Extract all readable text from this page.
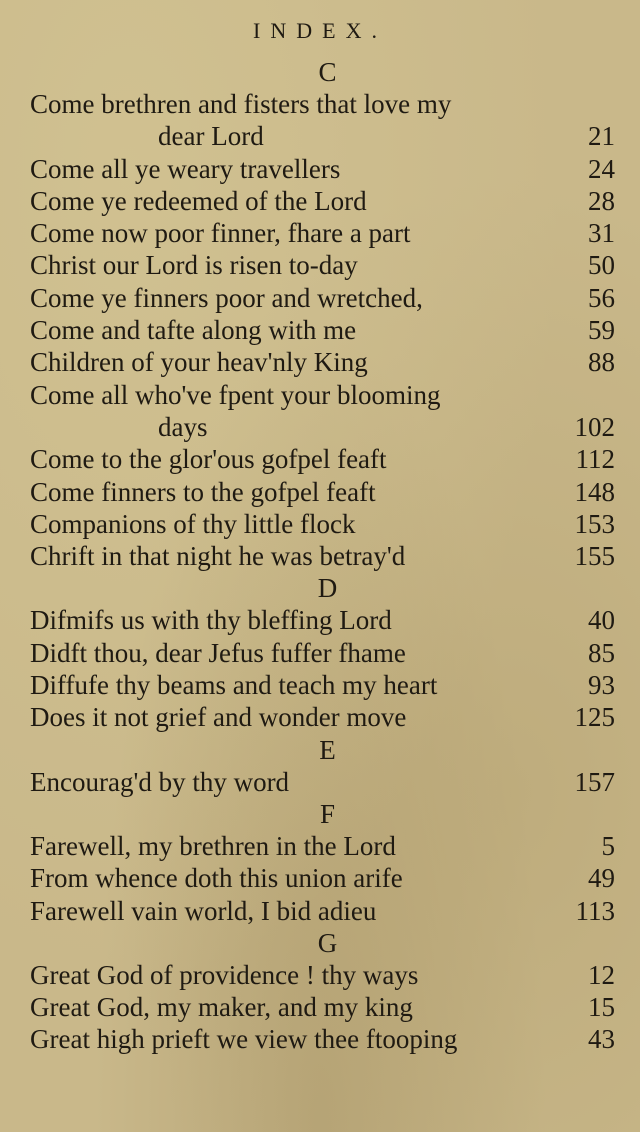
INDEX.
C
Come brethren and fisters that love my
dear Lord	21
Come all ye weary travellers	24
Come ye redeemed of the Lord	28
Come now poor finner, fhare a part	31
Christ our Lord is risen to-day	50
Come ye finners poor and wretched,	56
Come and tafte along with me	59
Children of your heav'nly King	88
Come all who've fpent your blooming
days	102
Come to the glor'ous gofpel feaft	112
Come finners to the gofpel feaft	148
Companions of thy little flock	153
Chrift in that night he was betray'd	155
D
Difmifs us with thy bleffing Lord	40
Didft thou, dear Jefus fuffer fhame	85
Diffufe thy beams and teach my heart	93
Does it not grief and wonder move	125
E
Encourag'd by thy word	157
F
Farewell, my brethren in the Lord	5
From whence doth this union arife	49
Farewell vain world, I bid adieu	113
G
Great God of providence ! thy ways	12
Great God, my maker, and my king	15
Great high prieft we view thee ftooping	43
